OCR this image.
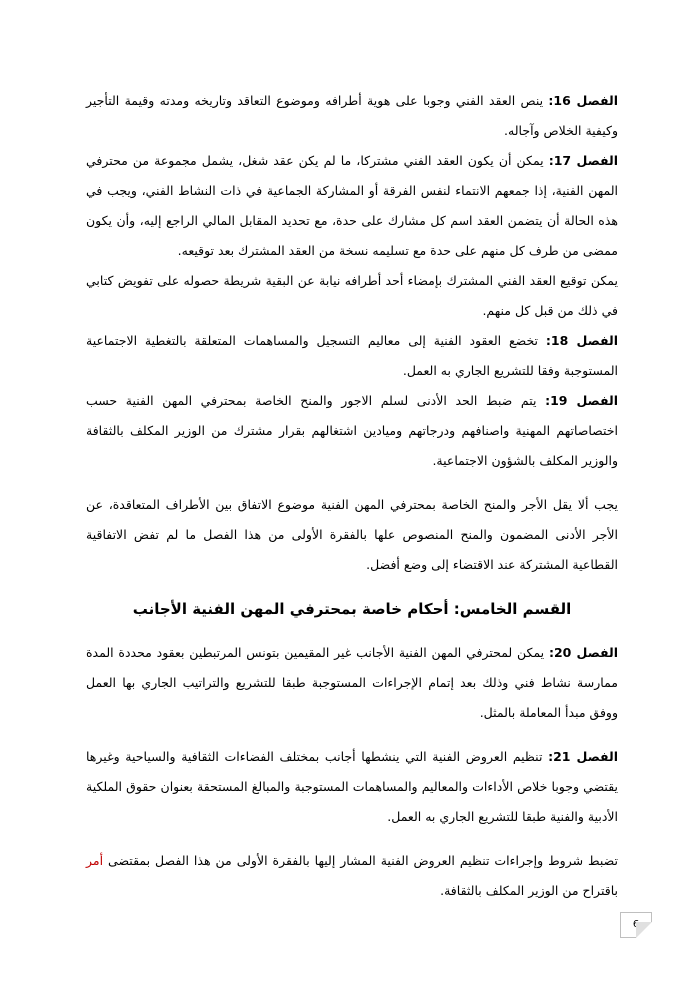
الفصل 16: ينص العقد الفني وجوبا على هوية أطرافه وموضوع التعاقد وتاريخه ومدته وقيمة التأجير وكيفية الخلاص وآجاله.

الفصل 17: يمكن أن يكون العقد الفني مشتركا، ما لم يكن عقد شغل، يشمل مجموعة من محترفي المهن الفنية، إذا جمعهم الانتماء لنفس الفرقة أو المشاركة الجماعية في ذات النشاط الفني، ويجب في هذه الحالة أن يتضمن العقد اسم كل مشارك على حدة، مع تحديد المقابل المالي الراجع إليه، وأن يكون ممضى من طرف كل منهم على حدة مع تسليمه نسخة من العقد المشترك بعد توقيعه.

يمكن توقيع العقد الفني المشترك بإمضاء أحد أطرافه نيابة عن البقية شريطة حصوله على تفويض كتابي في ذلك من قبل كل منهم.

الفصل 18: تخضع العقود الفنية إلى معاليم التسجيل والمساهمات المتعلقة بالتغطية الاجتماعية المستوجبة وفقا للتشريع الجاري به العمل.

الفصل 19: يتم ضبط الحد الأدنى لسلم الاجور والمنح الخاصة بمحترفي المهن الفنية حسب اختصاصاتهم المهنية واصنافهم ودرجاتهم وميادين اشتغالهم بقرار مشترك من الوزير المكلف بالثقافة والوزير المكلف بالشؤون الاجتماعية.

يجب ألا يقل الأجر والمنح الخاصة بمحترفي المهن الفنية موضوع الاتفاق بين الأطراف المتعاقدة، عن الأجر الأدنى المضمون والمنح المنصوص علها بالفقرة الأولى من هذا الفصل ما لم تفض الاتفاقية القطاعية المشتركة عند الاقتضاء إلى وضع أفضل.

القسم الخامس: أحكام خاصة بمحترفي المهن الفنية الأجانب

الفصل 20: يمكن لمحترفي المهن الفنية الأجانب غير المقيمين بتونس المرتبطين بعقود محددة المدة ممارسة نشاط فني وذلك بعد إتمام الإجراءات المستوجبة طبقا للتشريع والتراتيب الجاري بها العمل ووفق مبدأ المعاملة بالمثل.

الفصل 21: تنظيم العروض الفنية التي ينشطها أجانب بمختلف الفضاءات الثقافية والسياحية وغيرها يقتضي وجوبا خلاص الأداءات والمعاليم والمساهمات المستوجبة والمبالغ المستحقة بعنوان حقوق الملكية الأدبية والفنية طبقا للتشريع الجاري به العمل.

تضبط شروط وإجراءات تنظيم العروض الفنية المشار إليها بالفقرة الأولى من هذا الفصل بمقتضى أمر باقتراح من الوزير المكلف بالثقافة.

6
